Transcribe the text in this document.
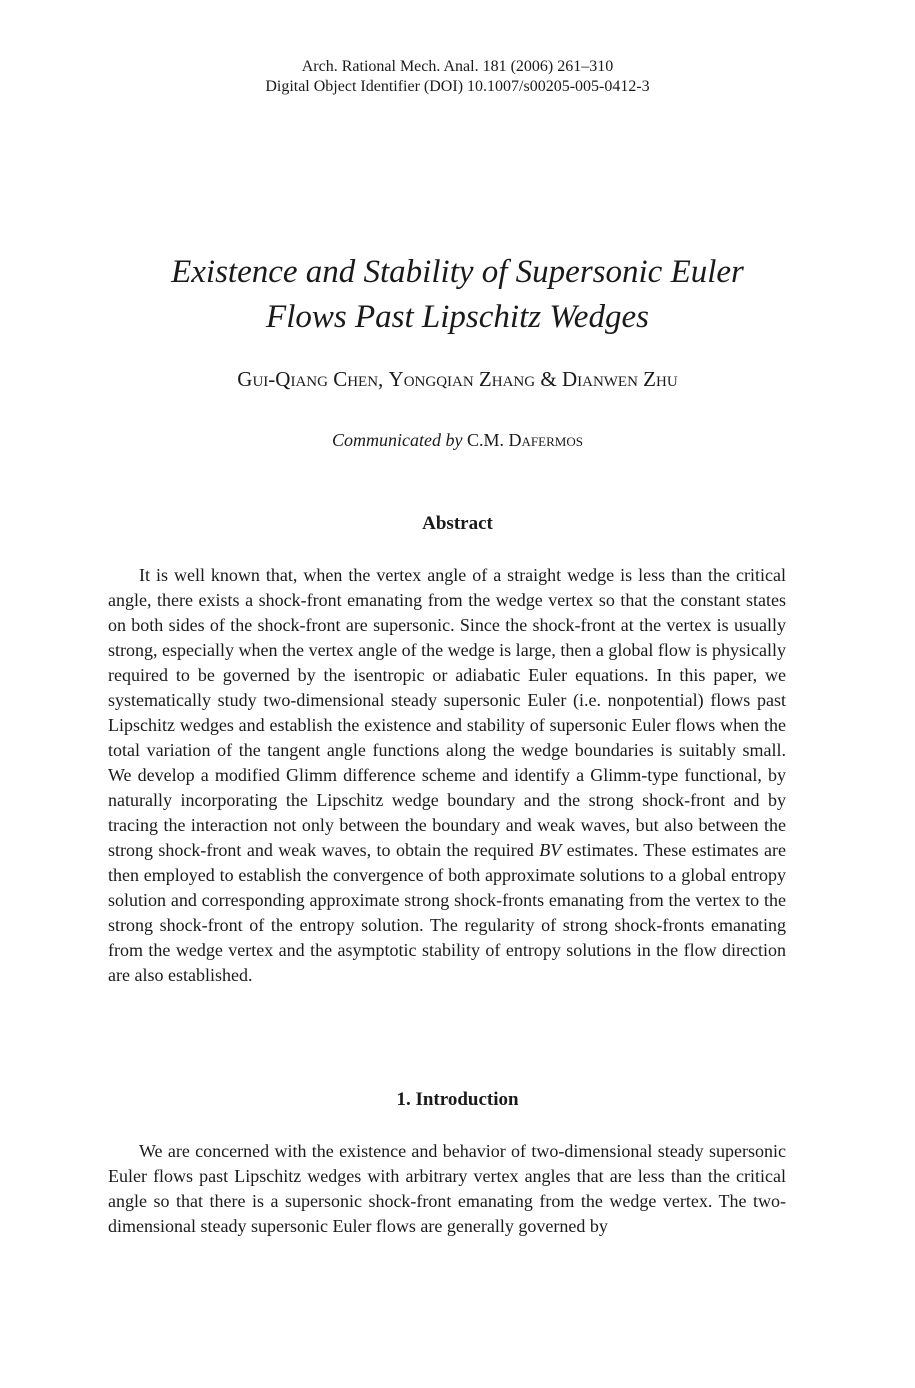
Arch. Rational Mech. Anal. 181 (2006) 261–310
Digital Object Identifier (DOI) 10.1007/s00205-005-0412-3
Existence and Stability of Supersonic Euler
Flows Past Lipschitz Wedges
Gui-Qiang Chen, Yongqian Zhang & Dianwen Zhu
Communicated by C.M. Dafermos
Abstract

It is well known that, when the vertex angle of a straight wedge is less than the critical angle, there exists a shock-front emanating from the wedge vertex so that the constant states on both sides of the shock-front are supersonic. Since the shock-front at the vertex is usually strong, especially when the vertex angle of the wedge is large, then a global flow is physically required to be governed by the isentropic or adiabatic Euler equations. In this paper, we systematically study two-dimensional steady supersonic Euler (i.e. nonpotential) flows past Lipschitz wedges and establish the existence and stability of supersonic Euler flows when the total variation of the tangent angle functions along the wedge boundaries is suitably small. We develop a modified Glimm difference scheme and identify a Glimm-type functional, by naturally incorporating the Lipschitz wedge boundary and the strong shock-front and by tracing the interaction not only between the boundary and weak waves, but also between the strong shock-front and weak waves, to obtain the required BV estimates. These estimates are then employed to establish the convergence of both approximate solutions to a global entropy solution and corresponding approximate strong shock-fronts emanating from the vertex to the strong shock-front of the entropy solution. The regularity of strong shock-fronts emanating from the wedge vertex and the asymptotic stability of entropy solutions in the flow direction are also established.

1. Introduction

We are concerned with the existence and behavior of two-dimensional steady supersonic Euler flows past Lipschitz wedges with arbitrary vertex angles that are less than the critical angle so that there is a supersonic shock-front emanating from the wedge vertex. The two-dimensional steady supersonic Euler flows are generally governed by
